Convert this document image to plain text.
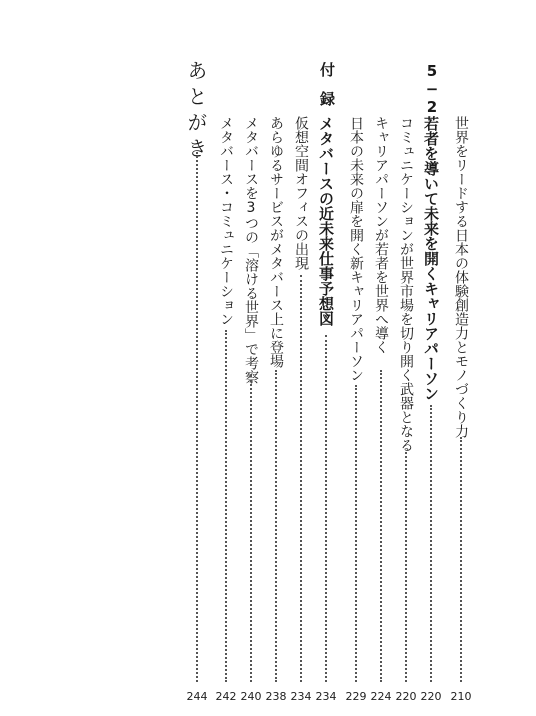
世界をリードする日本の体験創造力とモノづくり力
210
5−2
若者を導いて未来を開くキャリアパーソン
220
コミュニケーションが世界市場を切り開く武器となる
220
キャリアパーソンが若者を世界へ導く
224
日本の未来の扉を開く新キャリアパーソン
229
付録
メタバースの近未来仕事予想図
234
仮想空間オフィスの出現
234
あらゆるサービスがメタバース上に登場
238
メタバースを3つの「溶ける世界」で考察
240
メタバース・コミュニケーション
242
あとがき
244
